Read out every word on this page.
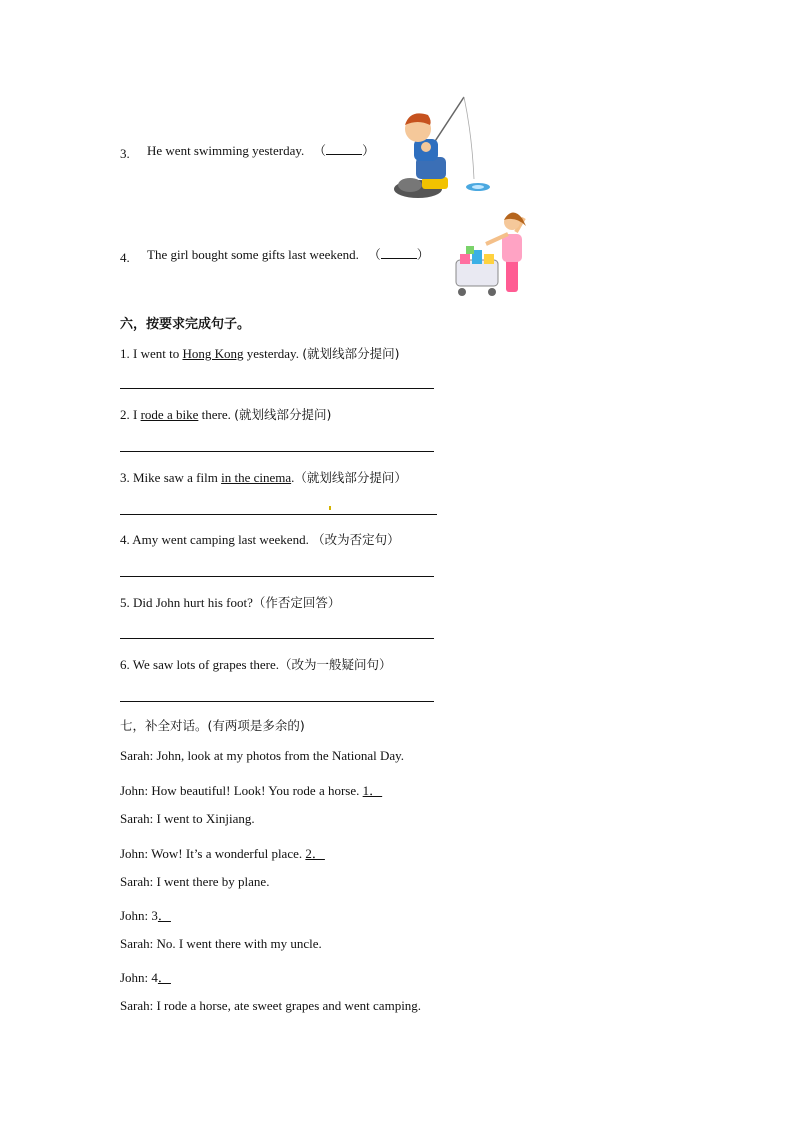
3. He went swimming yesterday. （	）
4. The girl bought some gifts last weekend. （	）
六，按要求完成句子。
1. I went to Hong Kong yesterday. (就划线部分提问)
2. I rode a bike there. (就划线部分提问)
3. Mike saw a film in the cinema.（就划线部分提问）
4. Amy went camping last weekend. （改为否定句）
5. Did John hurt his foot?（作否定回答）
6. We saw lots of grapes there.（改为一般疑问句）
七，补全对话。(有两项是多余的)
Sarah: John, look at my photos from the National Day.
John: How beautiful! Look! You rode a horse. 1．
Sarah: I went to Xinjiang.
John: Wow! It’s a wonderful place. 2．
Sarah: I went there by plane.
John: 3．
Sarah: No. I went there with my uncle.
John: 4．
Sarah: I rode a horse, ate sweet grapes and went camping.
